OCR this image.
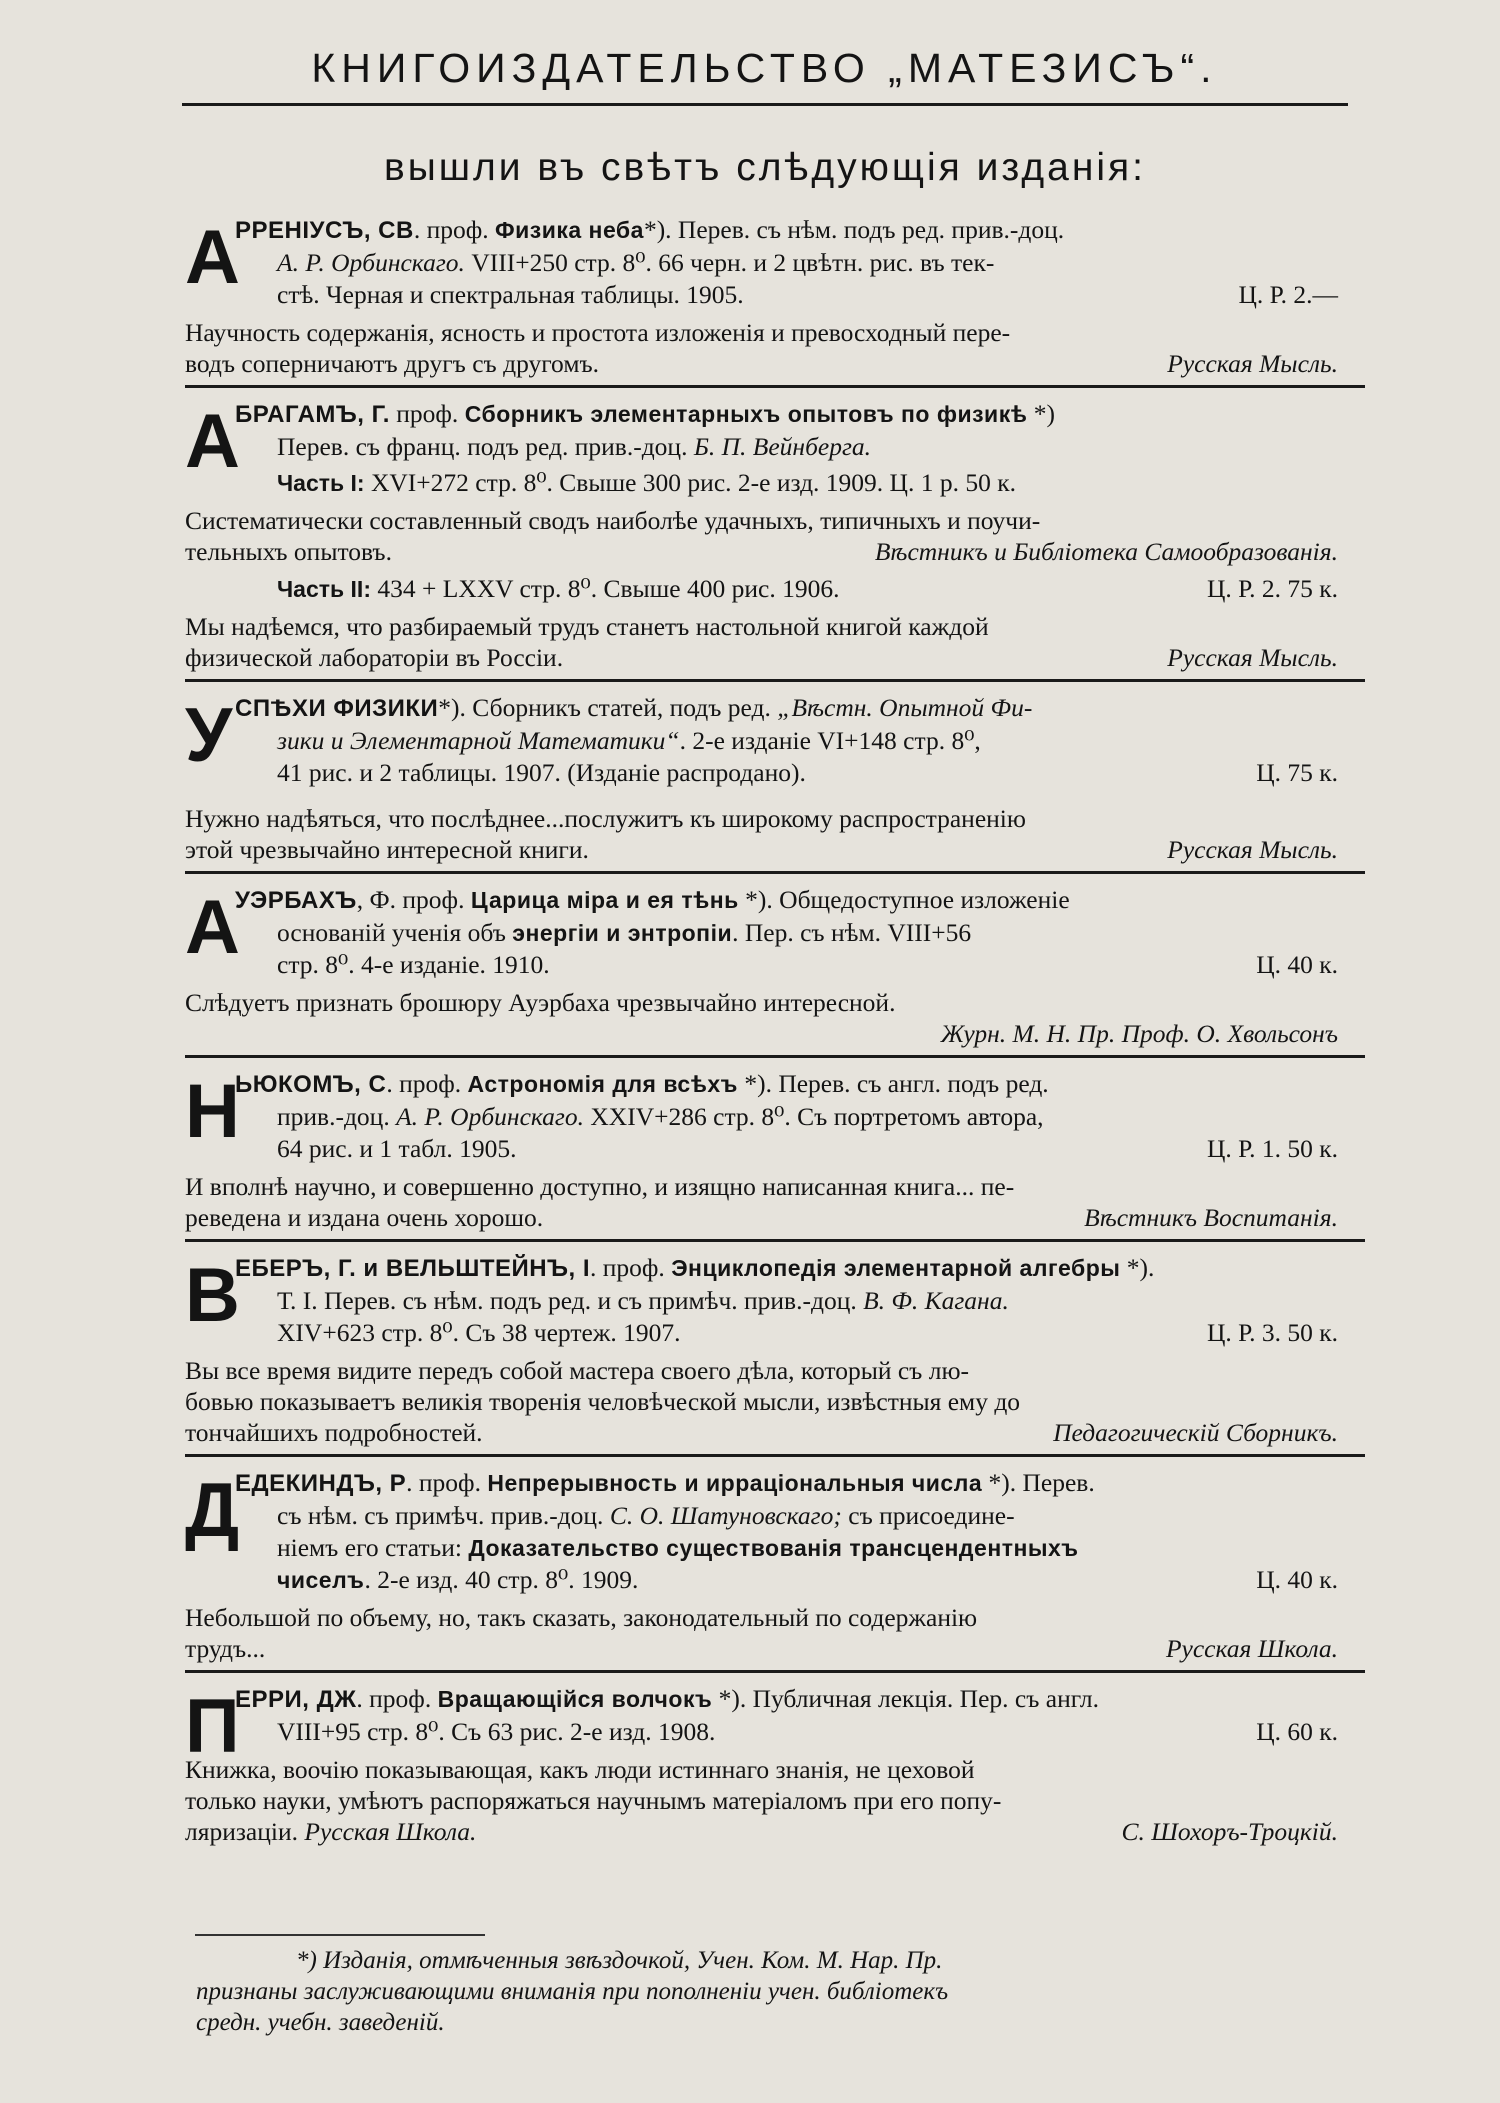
КНИГОИЗДАТЕЛЬСТВО „МАТЕЗИСЪ“.
вышли въ свѣтъ слѣдующія изданія:
А
РРЕНІУСЪ, СВ. проф. Физика неба*). Перев. съ нѣм. подъ ред. прив.-доц.
А. Р. Орбинскаго. VIII+250 стр. 8⁰. 66 черн. и 2 цвѣтн. рис. въ тек-
стѣ. Черная и спектральная таблицы. 1905.	Ц. Р. 2.—
Научность содержанія, ясность и простота изложенія и превосходный пере-
водъ соперничаютъ другъ съ другомъ.	Русская Мысль.
А
БРАГАМЪ, Г. проф. Сборникъ элементарныхъ опытовъ по физикѣ *)
Перев. съ франц. подъ ред. прив.-доц. Б. П. Вейнберга.
Часть I: XVI+272 стр. 8⁰. Свыше 300 рис. 2-е изд. 1909. Ц. 1 р. 50 к.
Систематически составленный сводъ наиболѣе удачныхъ, типичныхъ и поучи-
тельныхъ опытовъ.	Вѣстникъ и Библіотека Самообразованія.
Часть II: 434 + LXXV стр. 8⁰. Свыше 400 рис. 1906.	Ц. Р. 2. 75 к.
Мы надѣемся, что разбираемый трудъ станетъ настольной книгой каждой
физической лабораторіи въ Россіи.	Русская Мысль.
У СПѢХИ ФИЗИКИ*). Сборникъ статей, подъ ред. „Вѣстн. Опытной Фи-
зики и Элементарной Математики“. 2-е изданіе VI+148 стр. 8⁰,
41 рис. и 2 таблицы. 1907. (Изданіе распродано).	Ц. 75 к.
Нужно надѣяться, что послѣднее...послужитъ къ широкому распространенію
этой чрезвычайно интересной книги.	Русская Мысль.
А
УЭРБАХЪ, Ф. проф. Царица міра и ея тѣнь *). Общедоступное изложеніе
основаній ученія объ энергіи и энтропіи. Пер. съ нѣм. VIII+56
стр. 8⁰. 4-е изданіе. 1910.	Ц. 40 к.
Слѣдуетъ признать брошюру Ауэрбаха чрезвычайно интересной.

Журн. М. Н. Пр. Проф. О. Хвольсонъ
Н
ЬЮКОМЪ, С. проф. Астрономія для всѣхъ *). Перев. съ англ. подъ ред.
прив.-доц. А. Р. Орбинскаго. XXIV+286 стр. 8⁰. Съ портретомъ автора,
64 рис. и 1 табл. 1905.	Ц. Р. 1. 50 к.
И вполнѣ научно, и совершенно доступно, и изящно написанная книга... пе-
реведена и издана очень хорошо.	Вѣстникъ Воспитанія.
В
ЕБЕРЪ, Г. и ВЕЛЬШТЕЙНЪ, I. проф. Энциклопедія элементарной алгебры *).
Т. I. Перев. съ нѣм. подъ ред. и съ примѣч. прив.-доц. В. Ф. Кагана.
XIV+623 стр. 8⁰. Съ 38 чертеж. 1907.	Ц. Р. 3. 50 к.
Вы все время видите передъ собой мастера своего дѣла, который съ лю-
бовью показываетъ великія творенія человѣческой мысли, извѣстныя ему до
тончайшихъ подробностей.	Педагогическій Сборникъ.
Д
ЕДЕКИНДЪ, Р. проф. Непрерывность и ирраціональныя числа *). Перев.
съ нѣм. съ примѣч. прив.-доц. С. О. Шатуновскаго; съ присоедине-
ніемъ его статьи: Доказательство существованія трансцендентныхъ
чиселъ. 2-е изд. 40 стр. 8⁰. 1909.	Ц. 40 к.
Небольшой по объему, но, такъ сказать, законодательный по содержанію
трудъ...	Русская Школа.
П
ЕРРИ, ДЖ. проф. Вращающійся волчокъ *). Публичная лекція. Пер. съ англ.
VIII+95 стр. 8⁰. Съ 63 рис. 2-е изд. 1908.	Ц. 60 к.
Книжка, воочію показывающая, какъ люди истиннаго знанія, не цеховой
только науки, умѣютъ распоряжаться научнымъ матеріаломъ при его попу-
ляризаціи. Русская Школа.	С. Шохоръ-Троцкій.
*) Изданія, отмѣченныя звѣздочкой, Учен. Ком. М. Нар. Пр.
признаны заслуживающими вниманія при пополненіи учен. библіотекъ
средн. учебн. заведеній.
